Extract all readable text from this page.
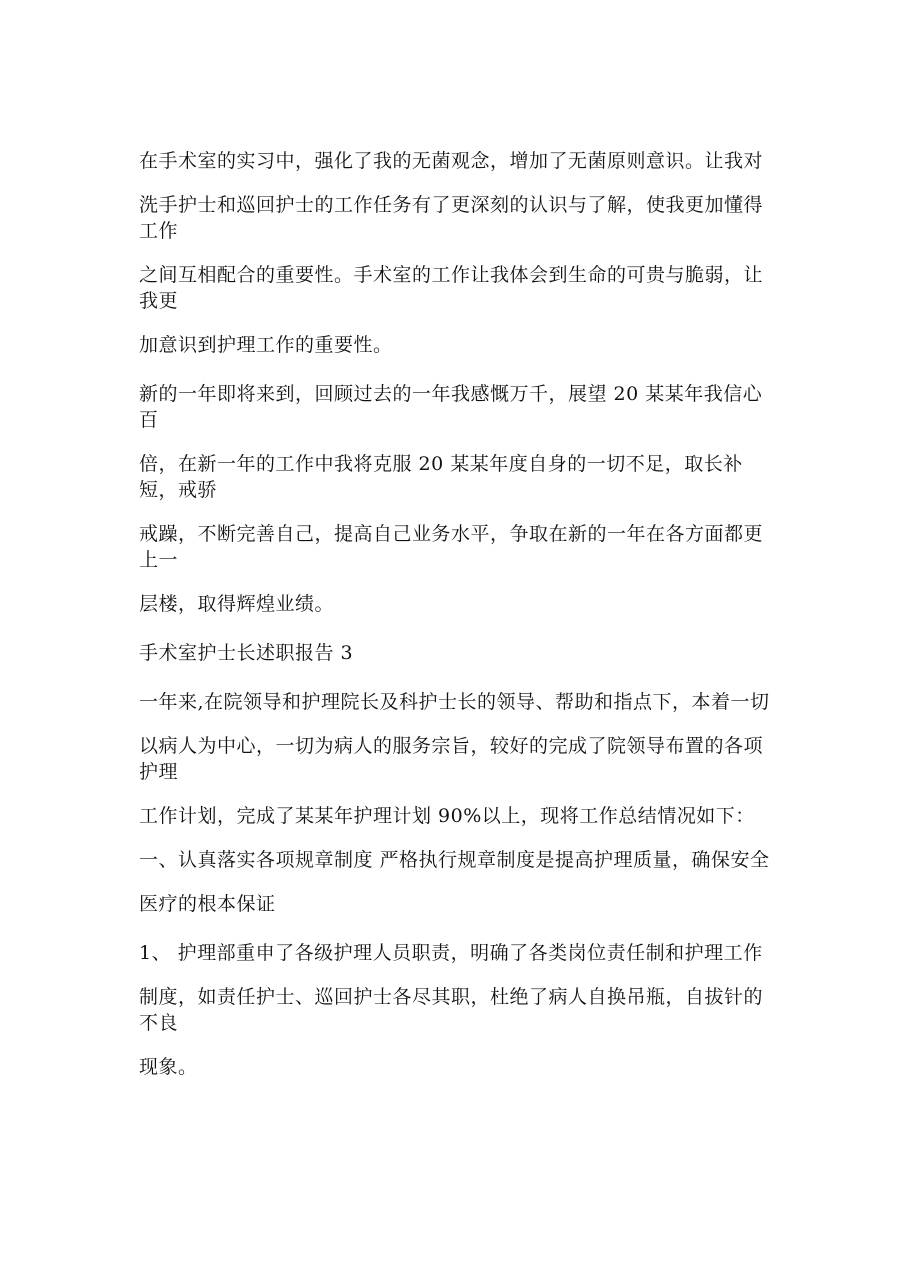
在手术室的实习中，强化了我的无菌观念，增加了无菌原则意识。让我对

洗手护士和巡回护士的工作任务有了更深刻的认识与了解，使我更加懂得工作

之间互相配合的重要性。手术室的工作让我体会到生命的可贵与脆弱，让我更

加意识到护理工作的重要性。

新的一年即将来到，回顾过去的一年我感慨万千，展望 20 某某年我信心百

倍，在新一年的工作中我将克服 20 某某年度自身的一切不足，取长补短，戒骄

戒躁，不断完善自己，提高自己业务水平，争取在新的一年在各方面都更上一

层楼，取得辉煌业绩。

手术室护士长述职报告 3

一年来,在院领导和护理院长及科护士长的领导、帮助和指点下，本着一切

以病人为中心，一切为病人的服务宗旨，较好的完成了院领导布置的各项护理

工作计划，完成了某某年护理计划 90%以上，现将工作总结情况如下：

一、认真落实各项规章制度 严格执行规章制度是提高护理质量，确保安全

医疗的根本保证

1、 护理部重申了各级护理人员职责，明确了各类岗位责任制和护理工作

制度，如责任护士、巡回护士各尽其职，杜绝了病人自换吊瓶，自拔针的不良

现象。
